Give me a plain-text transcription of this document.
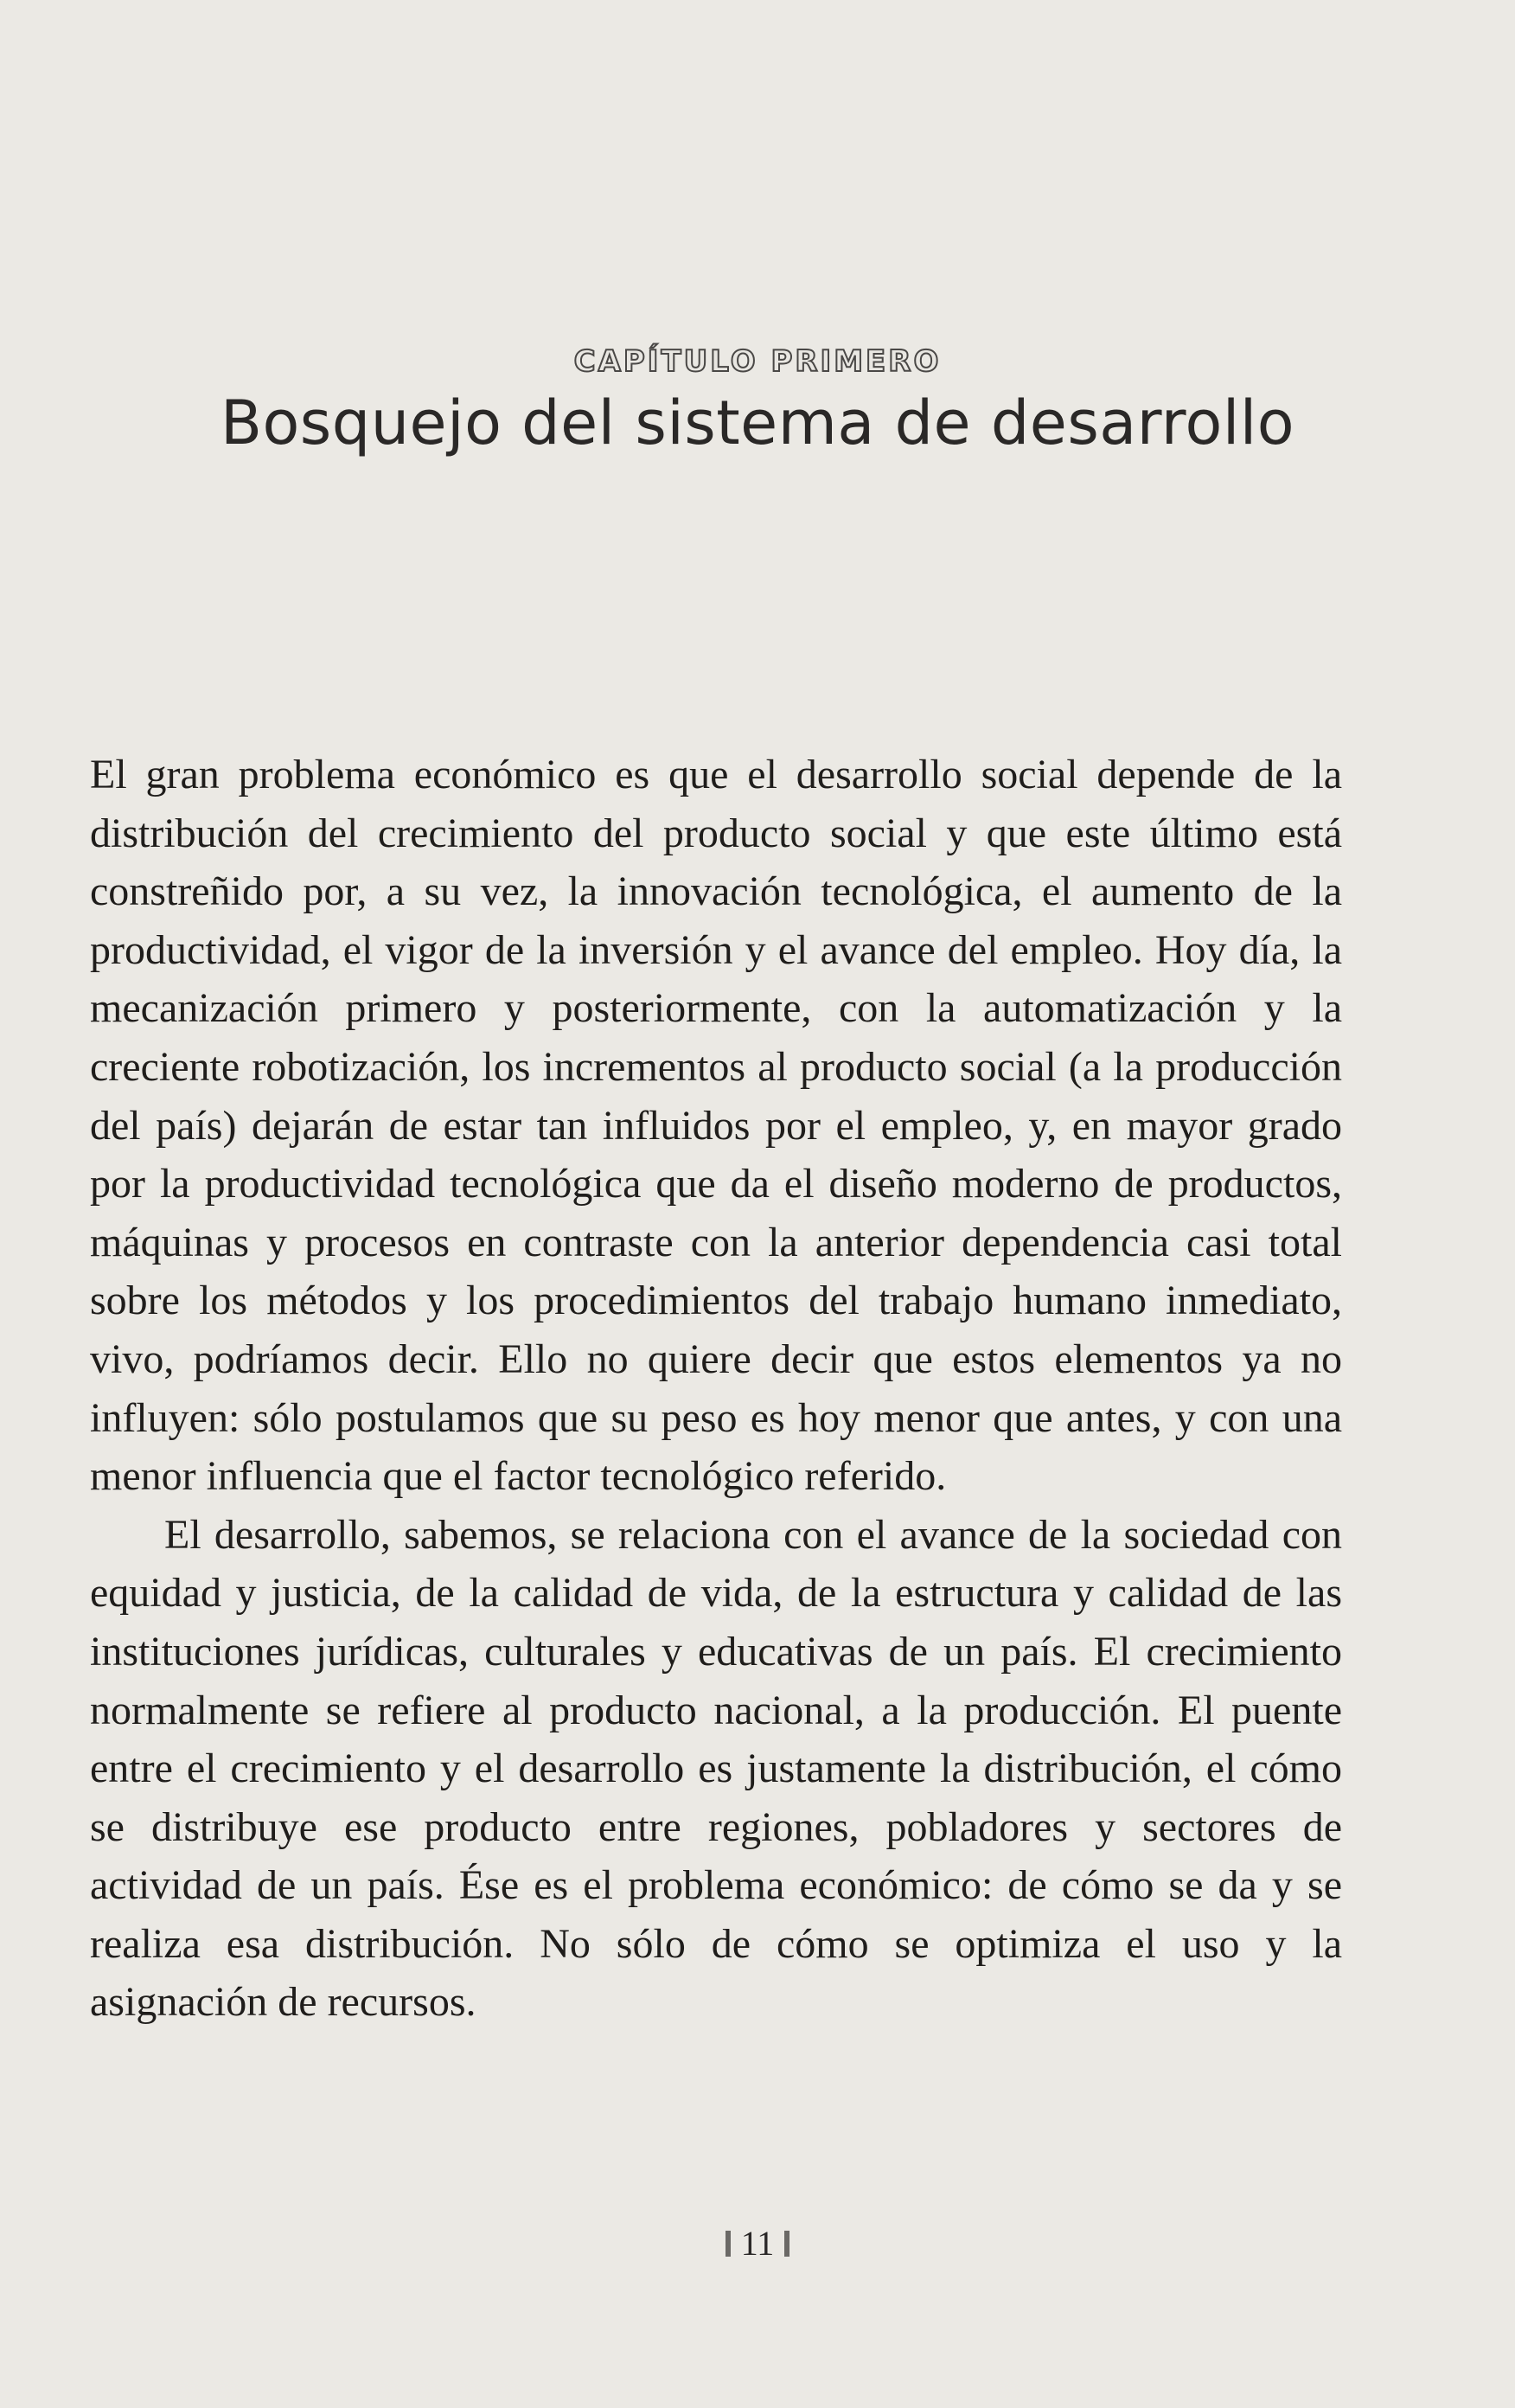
CAPÍTULO PRIMERO
Bosquejo del sistema de desarrollo

El gran problema económico es que el desarrollo social depende de la distribución del crecimiento del producto social y que este último está constreñido por, a su vez, la innovación tecnológica, el aumento de la productividad, el vigor de la inversión y el avance del empleo. Hoy día, la mecanización primero y posteriormente, con la automatización y la creciente robotización, los incrementos al producto social (a la producción del país) dejarán de estar tan influidos por el empleo, y, en mayor grado por la productividad tecnológica que da el diseño moderno de productos, máquinas y procesos en contraste con la anterior dependencia casi total sobre los métodos y los procedimientos del trabajo humano inmediato, vivo, podríamos decir. Ello no quiere decir que estos elementos ya no influyen: sólo postulamos que su peso es hoy menor que antes, y con una menor influencia que el factor tecnológico referido.

El desarrollo, sabemos, se relaciona con el avance de la sociedad con equidad y justicia, de la calidad de vida, de la estructura y calidad de las instituciones jurídicas, culturales y educativas de un país. El crecimiento normalmente se refiere al producto nacional, a la producción. El puente entre el crecimiento y el desarrollo es justamente la distribución, el cómo se distribuye ese producto entre regiones, pobladores y sectores de actividad de un país. Ése es el problema económico: de cómo se da y se realiza esa distribución. No sólo de cómo se optimiza el uso y la asignación de recursos.

11
